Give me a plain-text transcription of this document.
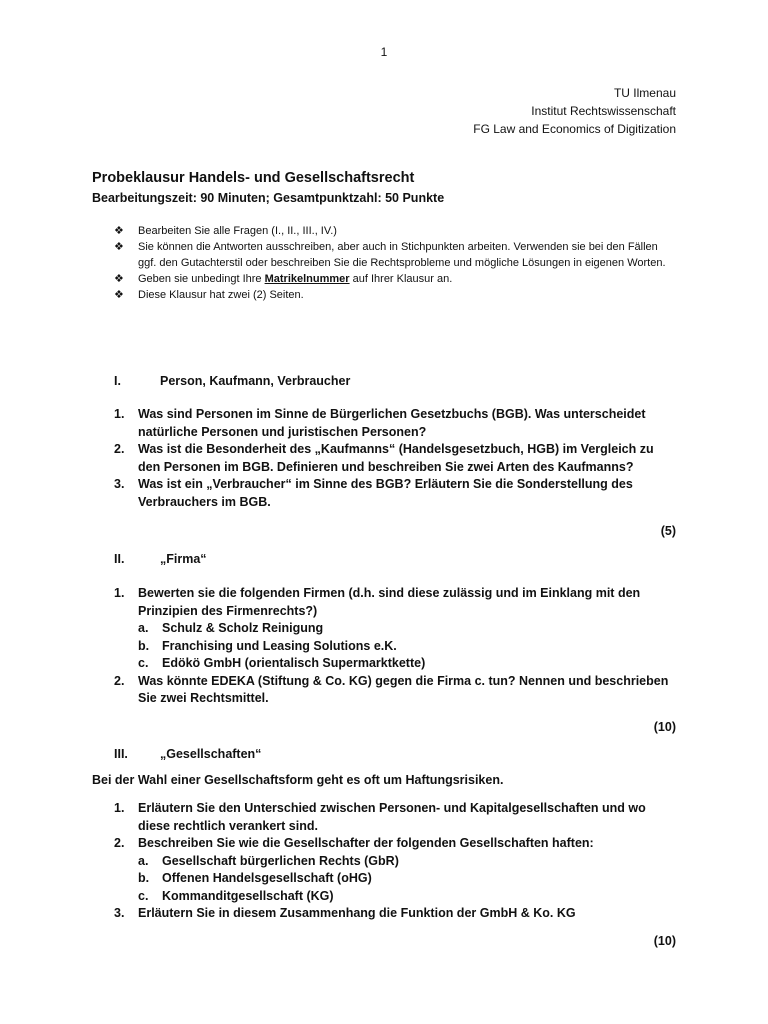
1
TU Ilmenau
Institut Rechtswissenschaft
FG Law and Economics of Digitization
Probeklausur Handels- und Gesellschaftsrecht
Bearbeitungszeit: 90 Minuten; Gesamtpunktzahl: 50 Punkte
❖ Bearbeiten Sie alle Fragen (I., II., III., IV.)
❖ Sie können die Antworten ausschreiben, aber auch in Stichpunkten arbeiten. Verwenden sie bei den Fällen ggf. den Gutachterstil oder beschreiben Sie die Rechtsprobleme und mögliche Lösungen in eigenen Worten.
❖ Geben sie unbedingt Ihre Matrikelnummer auf Ihrer Klausur an.
❖ Diese Klausur hat zwei (2) Seiten.
I.	Person, Kaufmann, Verbraucher
1. Was sind Personen im Sinne de Bürgerlichen Gesetzbuchs (BGB). Was unterscheidet natürliche Personen und juristischen Personen?
2. Was ist die Besonderheit des „Kaufmanns“ (Handelsgesetzbuch, HGB) im Vergleich zu den Personen im BGB. Definieren und beschreiben Sie zwei Arten des Kaufmanns?
3. Was ist ein „Verbraucher“ im Sinne des BGB? Erläutern Sie die Sonderstellung des Verbrauchers im BGB.
(5)
II.	„Firma“
1. Bewerten sie die folgenden Firmen (d.h. sind diese zulässig und im Einklang mit den Prinzipien des Firmenrechts?)
a. Schulz & Scholz Reinigung
b. Franchising und Leasing Solutions e.K.
c. Edökö GmbH (orientalisch Supermarktkette)
2. Was könnte EDEKA (Stiftung & Co. KG) gegen die Firma c. tun? Nennen und beschrieben Sie zwei Rechtsmittel.
(10)
III.	„Gesellschaften“
Bei der Wahl einer Gesellschaftsform geht es oft um Haftungsrisiken.
1. Erläutern Sie den Unterschied zwischen Personen- und Kapitalgesellschaften und wo diese rechtlich verankert sind.
2. Beschreiben Sie wie die Gesellschafter der folgenden Gesellschaften haften:
a. Gesellschaft bürgerlichen Rechts (GbR)
b. Offenen Handelsgesellschaft (oHG)
c. Kommanditgesellschaft (KG)
3. Erläutern Sie in diesem Zusammenhang die Funktion der GmbH & Ko. KG
(10)
